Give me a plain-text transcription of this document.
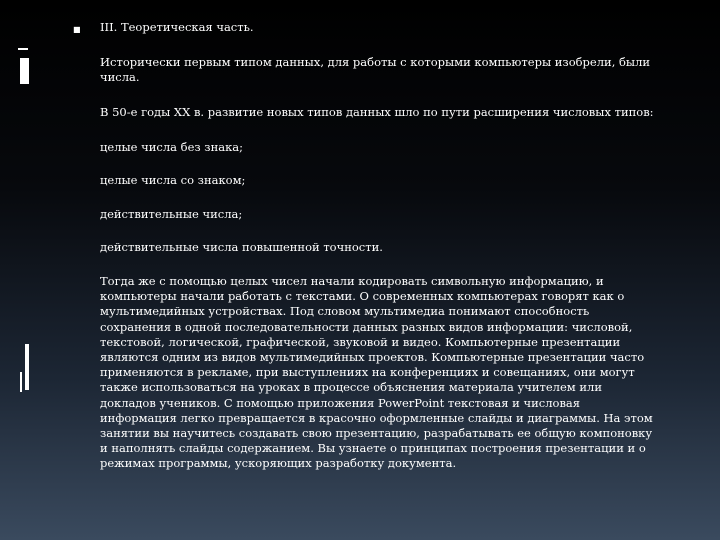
■ III. Теоретическая часть.
Исторически первым типом данных, для работы с которыми компьютеры изобрели, были числа.
В 50-е годы XX в. развитие новых типов данных шло по пути расширения числовых типов:
целые числа без знака;
целые числа со знаком;
действительные числа;
действительные числа повышенной точности.
Тогда же с помощью целых чисел начали кодировать символьную информацию, и компьютеры начали работать с текстами. О современных компьютерах говорят как о мультимедийных устройствах. Под словом мультимедиа понимают способность сохранения в одной последовательности данных разных видов информации: числовой, текстовой, логической, графической, звуковой и видео. Компьютерные презентации являются одним из видов мультимедийных проектов. Компьютерные презентации часто применяются в рекламе, при выступлениях на конференциях и совещаниях, они могут также использоваться на уроках в процессе объяснения материала учителем или докладов учеников. С помощью приложения PowerPoint текстовая и числовая информация легко превращается в красочно оформленные слайды и диаграммы. На этом занятии вы научитесь создавать свою презентацию, разрабатывать ее общую компоновку и наполнять слайды содержанием. Вы узнаете о принципах построения презентации и о режимах программы, ускоряющих разработку документа.
